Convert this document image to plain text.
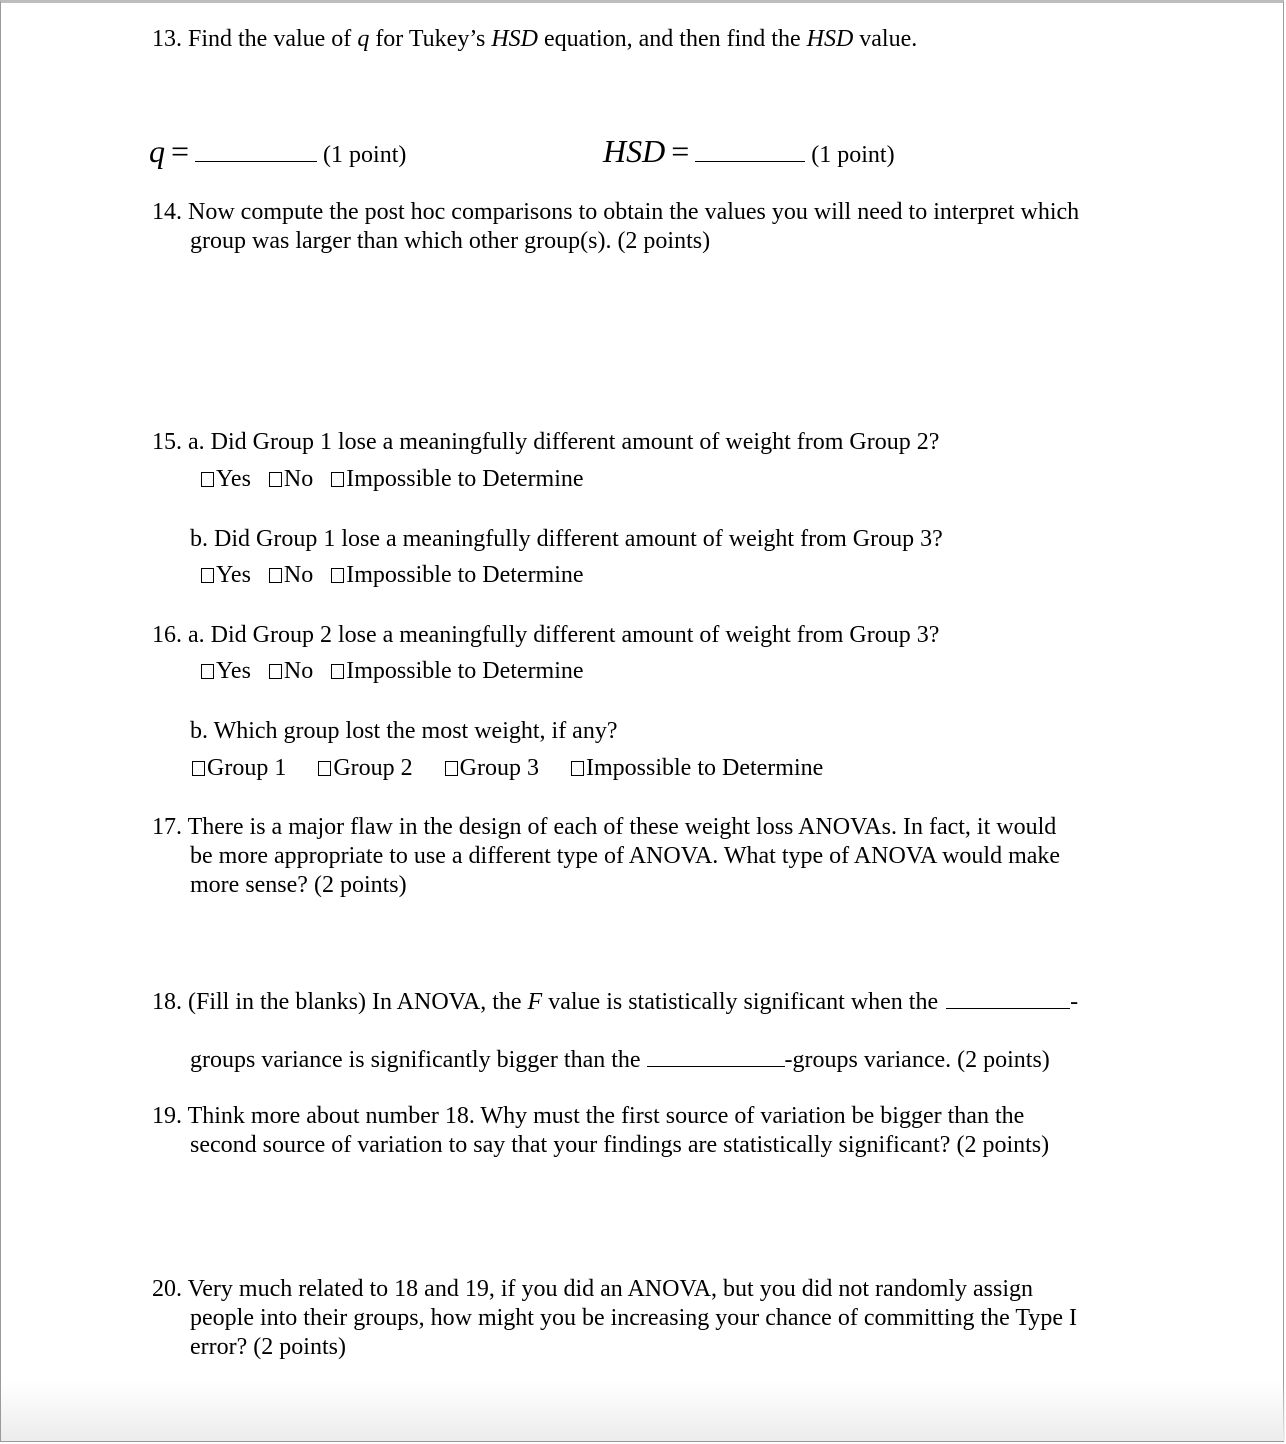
13. Find the value of q for Tukey’s HSD equation, and then find the HSD value.
q =	(1 point)	HSD =	(1 point)
14. Now compute the post hoc comparisons to obtain the values you will need to interpret which
group was larger than which other group(s). (2 points)
15. a. Did Group 1 lose a meaningfully different amount of weight from Group 2?
Yes No Impossible to Determine
b. Did Group 1 lose a meaningfully different amount of weight from Group 3?
Yes No Impossible to Determine
16. a. Did Group 2 lose a meaningfully different amount of weight from Group 3?
Yes No Impossible to Determine
b. Which group lost the most weight, if any?
Group 1 Group 2 Group 3 Impossible to Determine
17. There is a major flaw in the design of each of these weight loss ANOVAs. In fact, it would
be more appropriate to use a different type of ANOVA. What type of ANOVA would make
more sense? (2 points)
18. (Fill in the blanks) In ANOVA, the F value is statistically significant when the	-
groups variance is significantly bigger than the	-groups variance. (2 points)
19. Think more about number 18. Why must the first source of variation be bigger than the
second source of variation to say that your findings are statistically significant? (2 points)
20. Very much related to 18 and 19, if you did an ANOVA, but you did not randomly assign
people into their groups, how might you be increasing your chance of committing the Type I
error? (2 points)
